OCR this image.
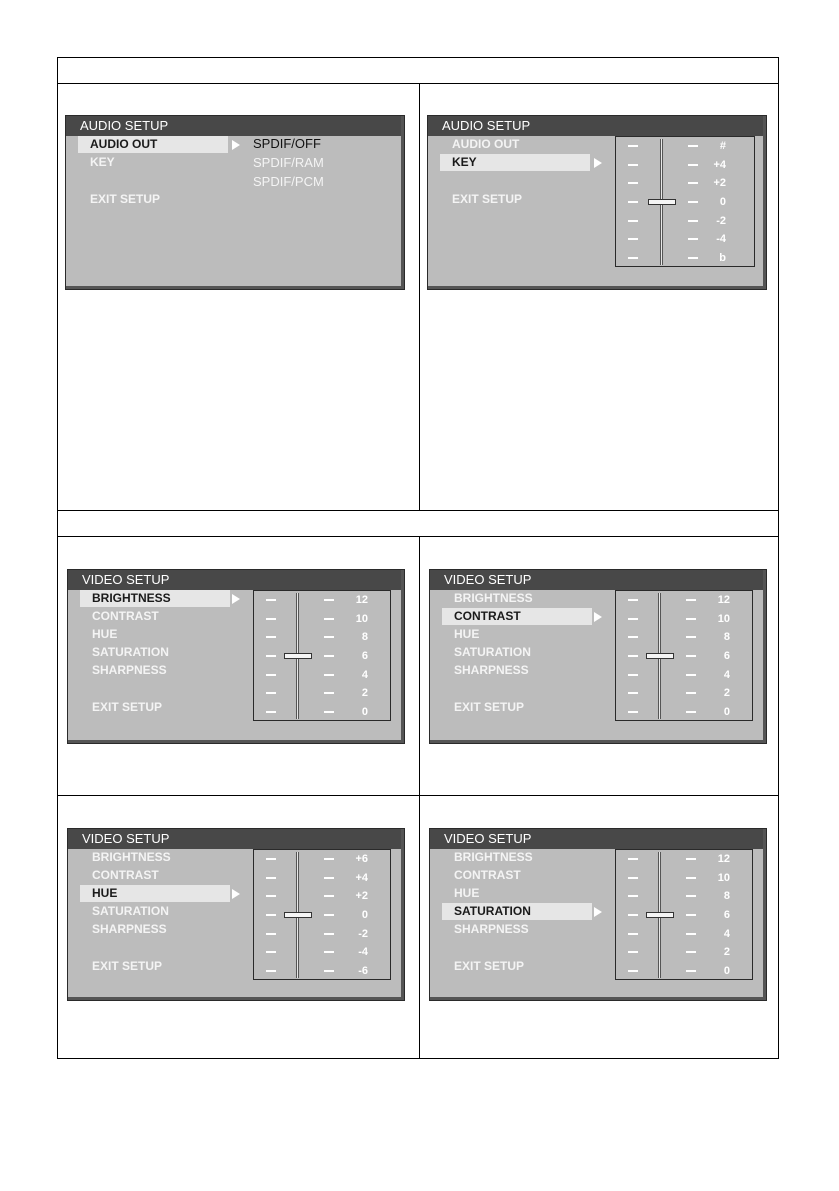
AUDIO SETUP
AUDIO OUT
KEY
EXIT SETUP
SPDIF/OFF
SPDIF/RAM
SPDIF/PCM
AUDIO SETUP
AUDIO OUT
KEY
EXIT SETUP
#
+4
+2
0
-2
-4
b
VIDEO SETUP
BRIGHTNESS
CONTRAST
HUE
SATURATION
SHARPNESS
EXIT SETUP
12
10
8
6
4
2
0
VIDEO SETUP
BRIGHTNESS
CONTRAST
HUE
SATURATION
SHARPNESS
EXIT SETUP
12
10
8
6
4
2
0
VIDEO SETUP
BRIGHTNESS
CONTRAST
HUE
SATURATION
SHARPNESS
EXIT SETUP
+6
+4
+2
0
-2
-4
-6
VIDEO SETUP
BRIGHTNESS
CONTRAST
HUE
SATURATION
SHARPNESS
EXIT SETUP
12
10
8
6
4
2
0
